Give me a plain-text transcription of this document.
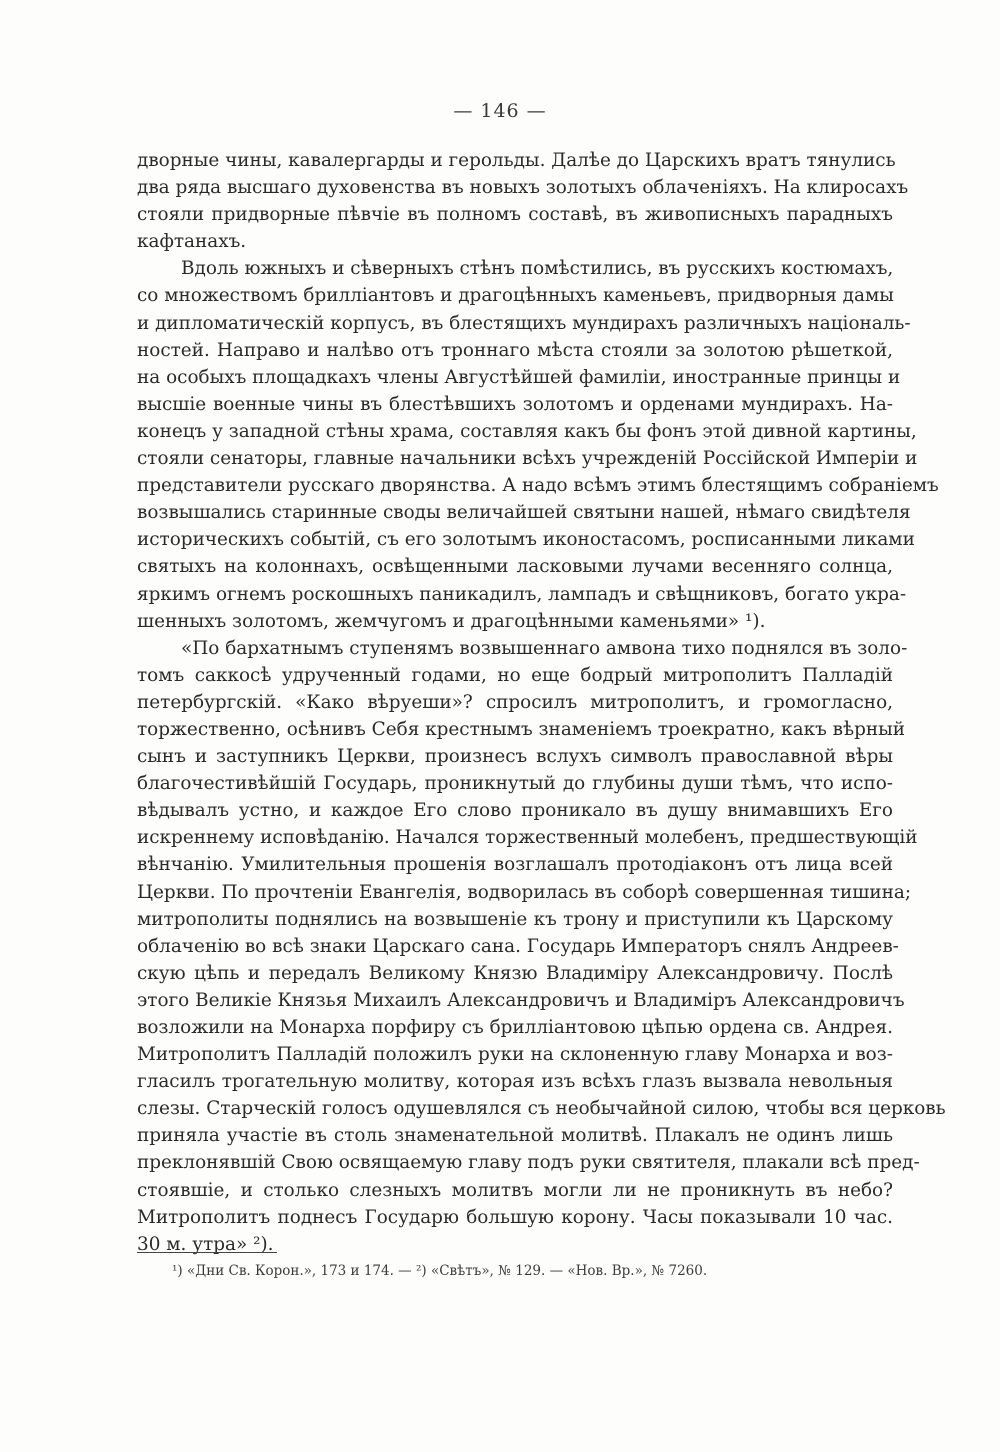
— 146 —
дворные чины, кавалергарды и герольды. Далѣе до Царскихъ вратъ тянулись
два ряда высшаго духовенства въ новыхъ золотыхъ облаченіяхъ. На клиросахъ
стояли придворные пѣвчіе въ полномъ составѣ, въ живописныхъ парадныхъ
кафтанахъ.
Вдоль южныхъ и сѣверныхъ стѣнъ помѣстились, въ русскихъ костюмахъ,
со множествомъ бриллiантовъ и драгоцѣнныхъ каменьевъ, придворныя дамы
и дипломатическій корпусъ, въ блестящихъ мундирахъ различныхъ національ-
ностей. Направо и налѣво отъ троннаго мѣста стояли за золотою рѣшеткой,
на особыхъ площадкахъ члены Августѣйшей фамиліи, иностранные принцы и
высшіе военные чины въ блестѣвшихъ золотомъ и орденами мундирахъ. На-
конецъ у западной стѣны храма, составляя какъ бы фонъ этой дивной картины,
стояли сенаторы, главные начальники всѣхъ учрежденій Россійской Имперіи и
представители русскаго дворянства. А надо всѣмъ этимъ блестящимъ собраніемъ
возвышались старинные своды величайшей святыни нашей, нѣмаго свидѣтеля
историческихъ событій, съ его золотымъ иконостасомъ, росписанными ликами
святыхъ на колоннахъ, освѣщенными ласковыми лучами весенняго солнца,
яркимъ огнемъ роскошныхъ паникадилъ, лампадъ и свѣщниковъ, богато укра-
шенныхъ золотомъ, жемчугомъ и драгоцѣнными каменьями» ¹).
«По бархатнымъ ступенямъ возвышеннаго амвона тихо поднялся въ золо-
томъ саккосѣ удрученный годами, но еще бодрый митрополитъ Палладій
петербургскій. «Како вѣруеши»? спросилъ митрополитъ, и громогласно,
торжественно, осѣнивъ Себя крестнымъ знаменіемъ троекратно, какъ вѣрный
сынъ и заступникъ Церкви, произнесъ вслухъ символъ православной вѣры
благочестивѣйшій Государь, проникнутый до глубины души тѣмъ, что испо-
вѣдывалъ устно, и каждое Его слово проникало въ душу внимавшихъ Его
искреннему исповѣданію. Начался торжественный молебенъ, предшествующій
вѣнчанію. Умилительныя прошенія возглашалъ протодіаконъ отъ лица всей
Церкви. По прочтеніи Евангелія, водворилась въ соборѣ совершенная тишина;
митрополиты поднялись на возвышеніе къ трону и приступили къ Царскому
облаченію во всѣ знаки Царскаго сана. Государь Императоръ снялъ Андреев-
скую цѣпь и передалъ Великому Князю Владиміру Александровичу. Послѣ
этого Великіе Князья Михаилъ Александровичъ и Владиміръ Александровичъ
возложили на Монарха порфиру съ бриллiантовою цѣпью ордена св. Андрея.
Митрополитъ Палладій положилъ руки на склоненную главу Монарха и воз-
гласилъ трогательную молитву, которая изъ всѣхъ глазъ вызвала невольныя
слезы. Старческій голосъ одушевлялся съ необычайной силою, чтобы вся церковь
приняла участіе въ столь знаменательной молитвѣ. Плакалъ не одинъ лишь
преклонявшій Свою освящаемую главу подъ руки святителя, плакали всѣ пред-
стоявшіе, и столько слезныхъ молитвъ могли ли не проникнуть въ небо?
Митрополитъ поднесъ Государю большую корону. Часы показывали 10 час.
30 м. утра» ²).
¹) «Дни Св. Корон.», 173 и 174. — ²) «Свѣтъ», № 129. — «Нов. Вр.», № 7260.
